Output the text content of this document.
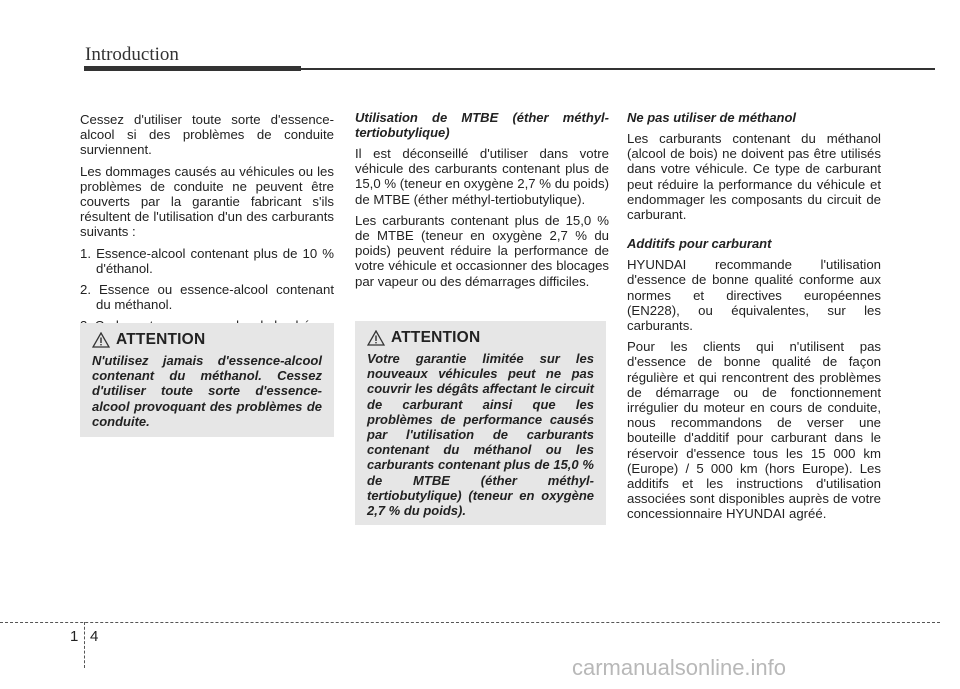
Introduction

Cessez d'utiliser toute sorte d'essence-alcool si des problèmes de conduite surviennent.

Les dommages causés au véhicules ou les problèmes de conduite ne peuvent être couverts par la garantie fabricant s'ils résultent de l'utilisation d'un des carburants suivants :

1. Essence-alcool contenant plus de 10 % d'éthanol.

2. Essence ou essence-alcool contenant du méthanol.

ATTENTION
N'utilisez jamais d'essence-alcool contenant du méthanol. Cessez d'utiliser toute sorte d'essence-alcool provoquant des problèmes de conduite.

Utilisation de MTBE (éther méthyl-tertiobutylique)

Il est déconseillé d'utiliser dans votre véhicule des carburants contenant plus de 15,0 % (teneur en oxygène 2,7 % du poids) de MTBE (éther méthyl-tertiobutylique).

Les carburants contenant plus de 15,0 % de MTBE (teneur en oxygène 2,7 % du poids) peuvent réduire la performance de votre véhicule et occasionner des blocages par vapeur ou des démarrages difficiles.

ATTENTION
Votre garantie limitée sur les nouveaux véhicules peut ne pas couvrir les dégâts affectant le circuit de carburant ainsi que les problèmes de performance causés par l'utilisation de carburants contenant du méthanol ou les carburants contenant plus de 15,0 % de MTBE (éther méthyl-tertiobutylique) (teneur en oxygène 2,7 % du poids).

Ne pas utiliser de méthanol

Les carburants contenant du méthanol (alcool de bois) ne doivent pas être utilisés dans votre véhicule. Ce type de carburant peut réduire la performance du véhicule et endommager les composants du circuit de carburant.

Additifs pour carburant

HYUNDAI recommande l'utilisation d'essence de bonne qualité conforme aux normes et directives européennes (EN228), ou équivalentes, sur les carburants.

Pour les clients qui n'utilisent pas d'essence de bonne qualité de façon régulière et qui rencontrent des problèmes de démarrage ou de fonctionnement irrégulier du moteur en cours de conduite, nous recommandons de verser une bouteille d'additif pour carburant dans le réservoir d'essence tous les 15 000 km (Europe) / 5 000 km (hors Europe). Les additifs et les instructions d'utilisation associées sont disponibles auprès de votre concessionnaire HYUNDAI agréé.

1 4
carmanualsonline.info
